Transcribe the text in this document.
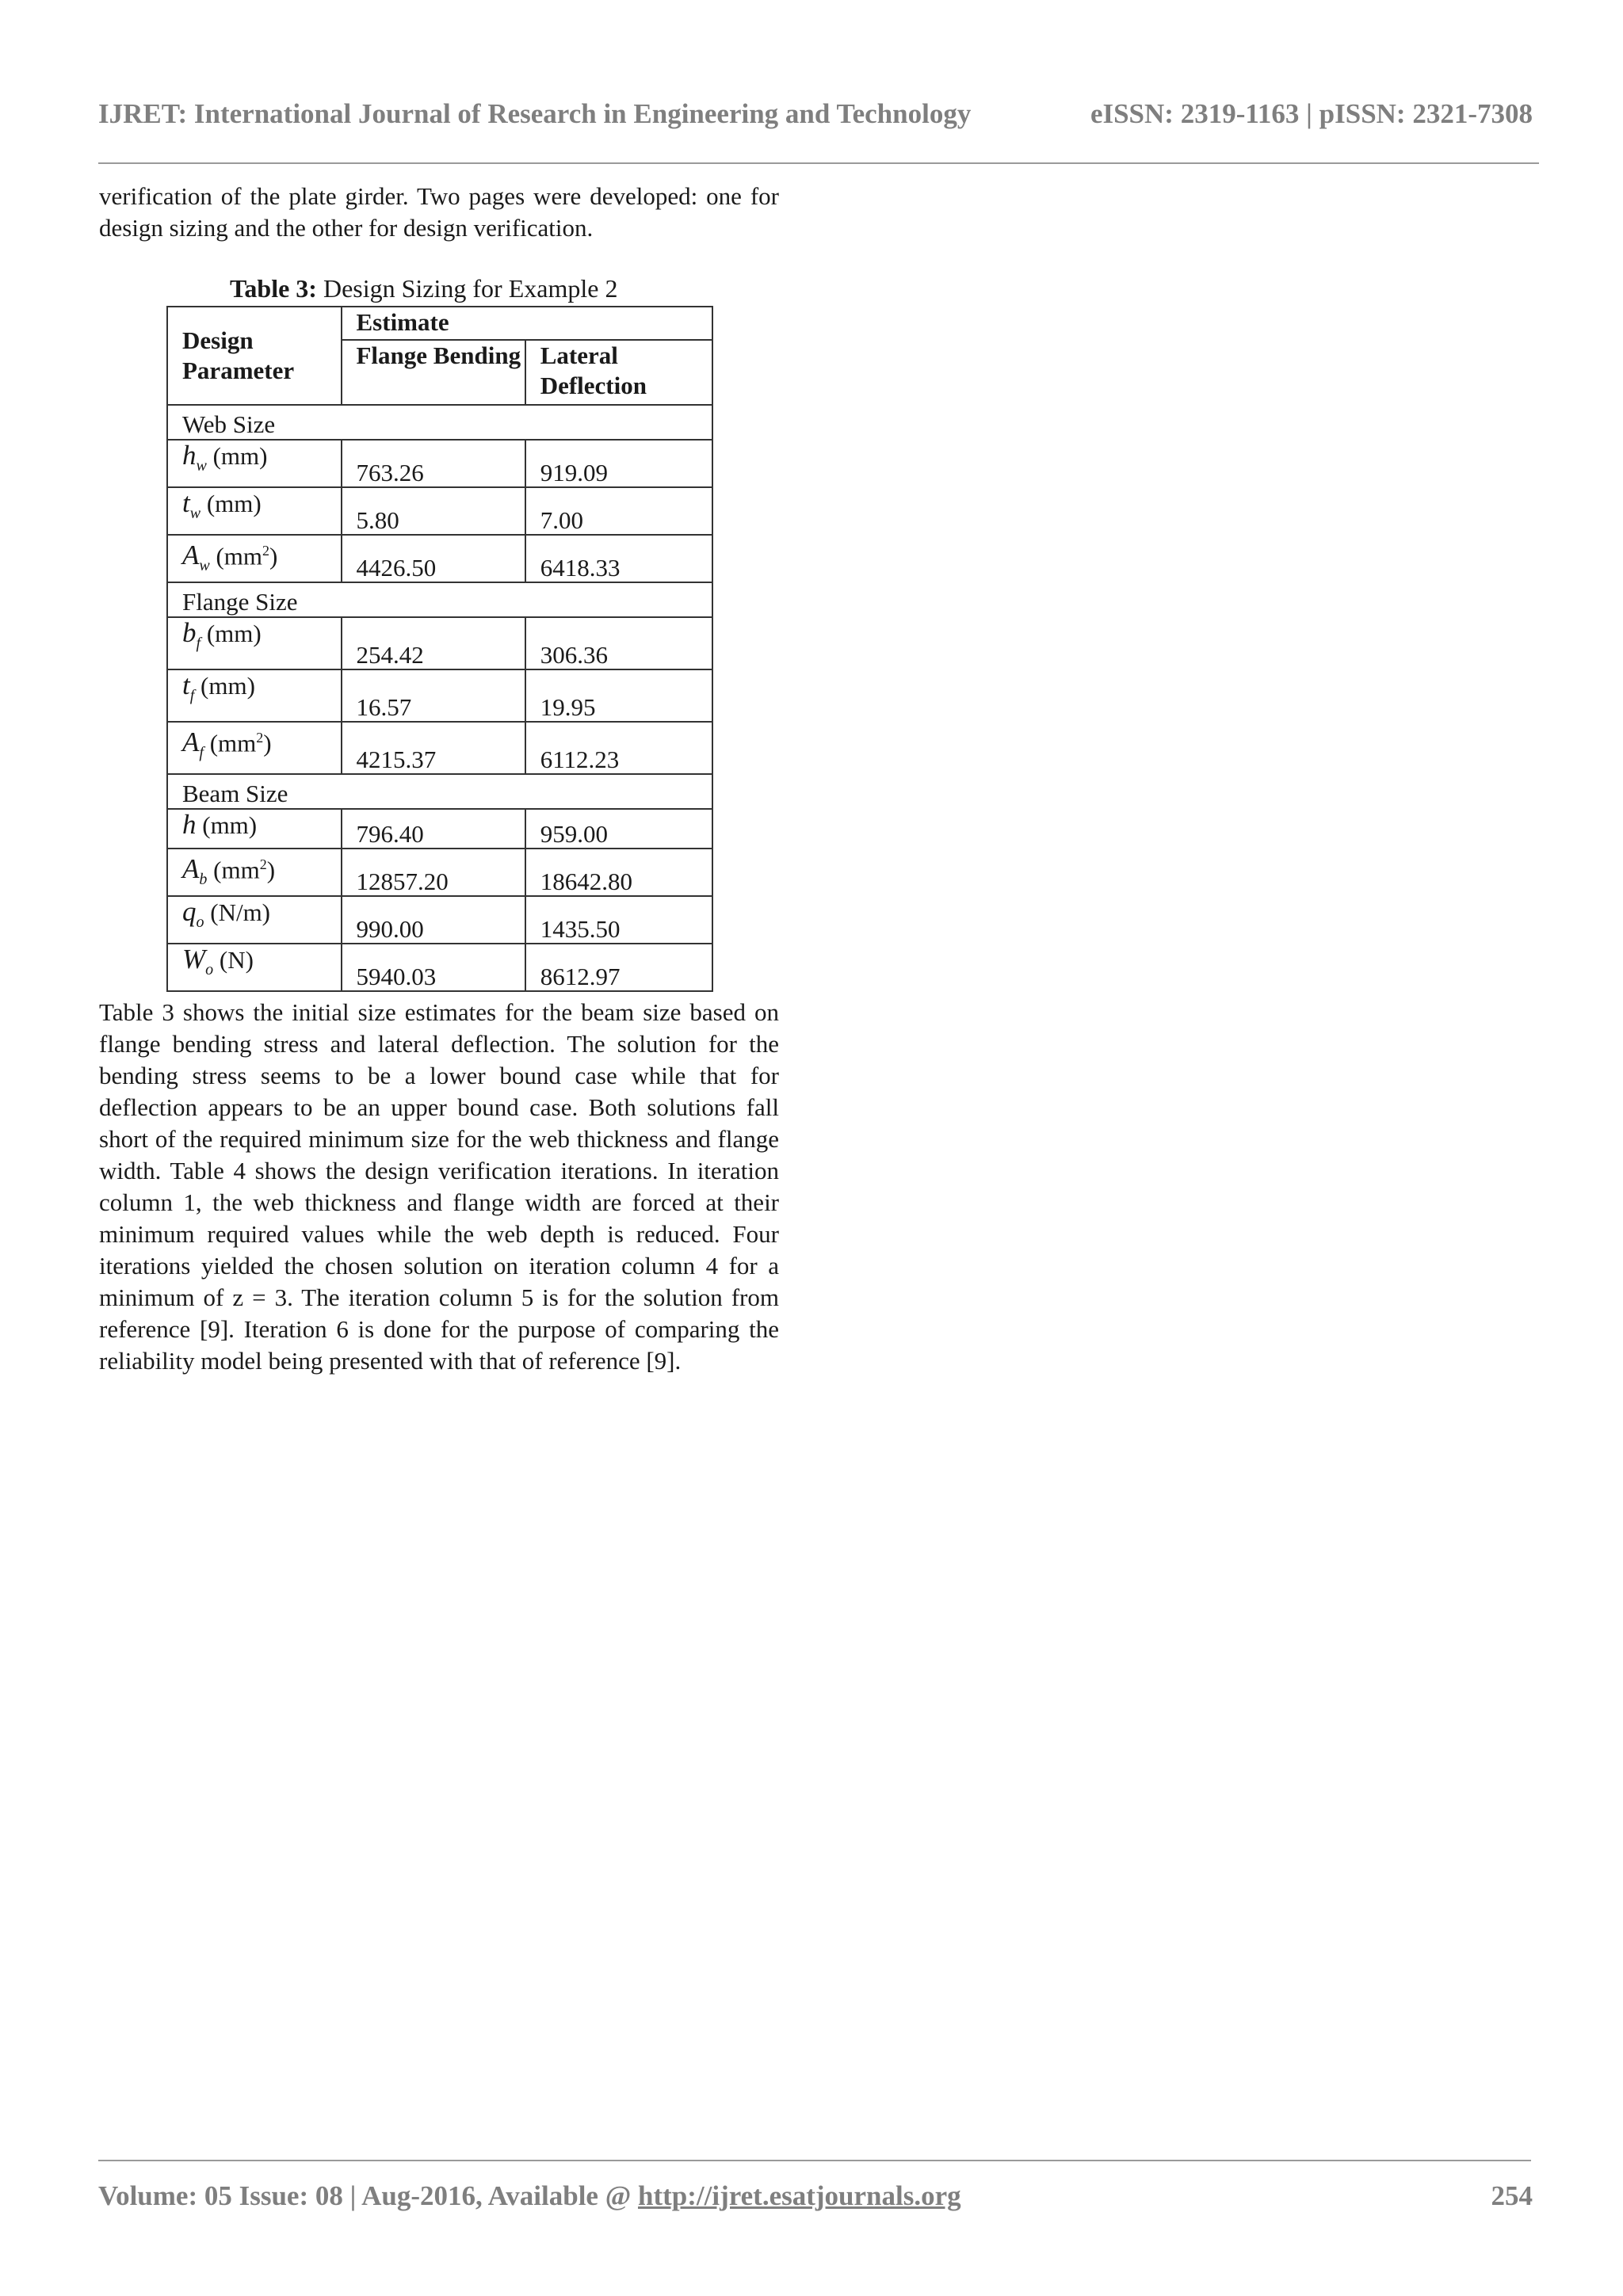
IJRET: International Journal of Research in Engineering and Technology	eISSN: 2319-1163 | pISSN: 2321-7308
verification of the plate girder. Two pages were developed: one for design sizing and the other for design verification.
Table 3: Design Sizing for Example 2
Design Parameter	Estimate	
	Flange Bending	Lateral Deflection
Web Size		
$h_w$ (mm)	763.26	919.09
$t_w$ (mm)	5.80	7.00
$A_w$ $(mm^2)$	4426.50	6418.33
Flange Size		
$b_f$ (mm)	254.42	306.36
$t_f$ (mm)	16.57	19.95
$A_f$ $(mm^2)$	4215.37	6112.23
Beam Size		
h (mm)	796.40	959.00
$A_b$ $(mm^2)$	12857.20	18642.80
$q_o$ (N/m)	990.00	1435.50
$W_o$ (N)	5940.03	8612.97
Table 3 shows the initial size estimates for the beam size based on flange bending stress and lateral deflection. The solution for the bending stress seems to be a lower bound case while that for deflection appears to be an upper bound case. Both solutions fall short of the required minimum size for the web thickness and flange width. Table 4 shows the design verification iterations. In iteration column 1, the web thickness and flange width are forced at their minimum required values while the web depth is reduced. Four iterations yielded the chosen solution on iteration column 4 for a minimum of z = 3. The iteration column 5 is for the solution from reference [9]. Iteration 6 is done for the purpose of comparing the reliability model being presented with that of reference [9].
Volume: 05 Issue: 08 | Aug-2016, Available @ http://ijret.esatjournals.org	254
